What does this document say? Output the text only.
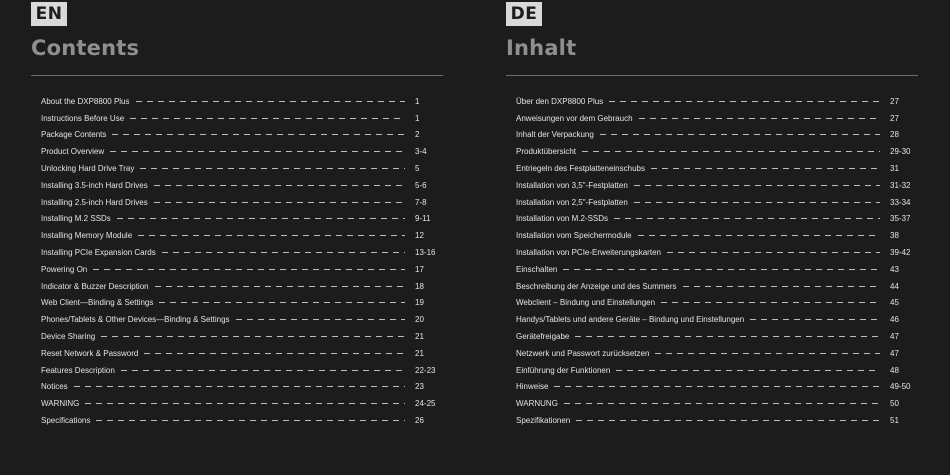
EN
Contents
About the DXP8800 Plus	1
Instructions Before Use	1
Package Contents	2
Product Overview	3-4
Unlocking Hard Drive Tray	5
Installing 3.5-inch Hard Drives	5-6
Installing 2.5-inch Hard Drives	7-8
Installing M.2 SSDs	9-11
Installing Memory Module	12
Installing PCIe Expansion Cards	13-16
Powering On	17
Indicator & Buzzer Description	18
Web Client—Binding & Settings	19
Phones/Tablets & Other Devices—Binding & Settings	20
Device Sharing	21
Reset Network & Password	21
Features Description	22-23
Notices	23
WARNING	24-25
Specifications	26
DE
Inhalt
Über den DXP8800 Plus	27
Anweisungen vor dem Gebrauch	27
Inhalt der Verpackung	28
Produktübersicht	29-30
Entriegeln des Festplatteneinschubs	31
Installation von 3,5"-Festplatten	31-32
Installation von 2,5"-Festplatten	33-34
Installation von M.2-SSDs	35-37
Installation vom Speichermodule	38
Installation von PCIe-Erweiterungskarten	39-42
Einschalten	43
Beschreibung der Anzeige und des Summers	44
Webclient – Bindung und Einstellungen	45
Handys/Tablets und andere Geräte – Bindung und Einstellungen	46
Gerätefreigabe	47
Netzwerk und Passwort zurücksetzen	47
Einführung der Funktionen	48
Hinweise	49-50
WARNUNG	50
Spezifikationen	51
